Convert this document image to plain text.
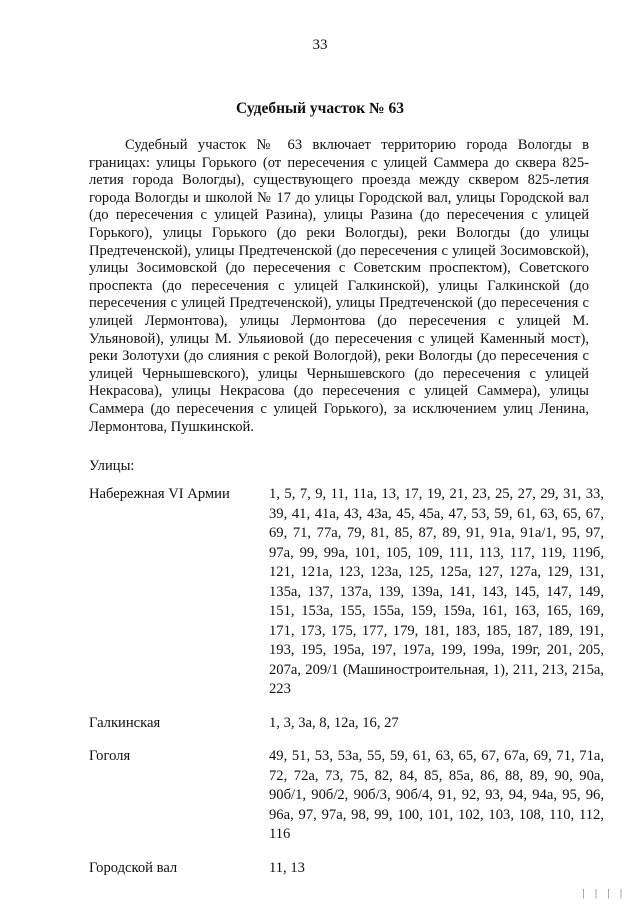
33
Судебный участок № 63

Судебный участок № 63 включает территорию города Вологды в границах: улицы Горького (от пересечения с улицей Саммера до сквера 825-летия города Вологды), существующего проезда между сквером 825-летия города Вологды и школой № 17 до улицы Городской вал, улицы Городской вал (до пересечения с улицей Разина), улицы Разина (до пересечения с улицей Горького), улицы Горького (до реки Вологды), реки Вологды (до улицы Предтеченской), улицы Предтеченской (до пересечения с улицей Зосимовской), улицы Зосимовской (до пересечения с Советским проспектом), Советского проспекта (до пересечения с улицей Галкинской), улицы Галкинской (до пересечения с улицей Предтеченской), улицы Предтеченской (до пересечения с улицей Лермонтова), улицы Лермонтова (до пересечения с улицей М. Ульяновой), улицы М. Ульяиовой (до пересечения с улицей Каменный мост), реки Золотухи (до слияния с рекой Вологдой), реки Вологды (до пересечения с улицей Чернышевского), улицы Чернышевского (до пересечения с улицей Некрасова), улицы Некрасова (до пересечения с улицей Саммера), улицы Саммера (до пересечения с улицей Горького), за исключением улиц Ленина, Лермонтова, Пушкинской.

Улицы:
Набережная VI Армии	1, 5, 7, 9, 11, 11а, 13, 17, 19, 21, 23, 25, 27, 29, 31, 33, 39, 41, 41а, 43, 43а, 45, 45а, 47, 53, 59, 61, 63, 65, 67, 69, 71, 77а, 79, 81, 85, 87, 89, 91, 91а, 91а/1, 95, 97, 97а, 99, 99а, 101, 105, 109, 111, 113, 117, 119, 119б, 121, 121а, 123, 123а, 125, 125а, 127, 127а, 129, 131, 135а, 137, 137а, 139, 139а, 141, 143, 145, 147, 149, 151, 153а, 155, 155а, 159, 159а, 161, 163, 165, 169, 171, 173, 175, 177, 179, 181, 183, 185, 187, 189, 191, 193, 195, 195а, 197, 197а, 199, 199а, 199г, 201, 205, 207а, 209/1 (Машиностроительная, 1), 211, 213, 215а, 223
Галкинская	1, 3, 3а, 8, 12а, 16, 27
Гоголя	49, 51, 53, 53а, 55, 59, 61, 63, 65, 67, 67а, 69, 71, 71а, 72, 72а, 73, 75, 82, 84, 85, 85а, 86, 88, 89, 90, 90а, 90б/1, 90б/2, 90б/3, 90б/4, 91, 92, 93, 94, 94а, 95, 96, 96а, 97, 97а, 98, 99, 100, 101, 102, 103, 108, 110, 112, 116
Городской вал	11, 13
| | | |
